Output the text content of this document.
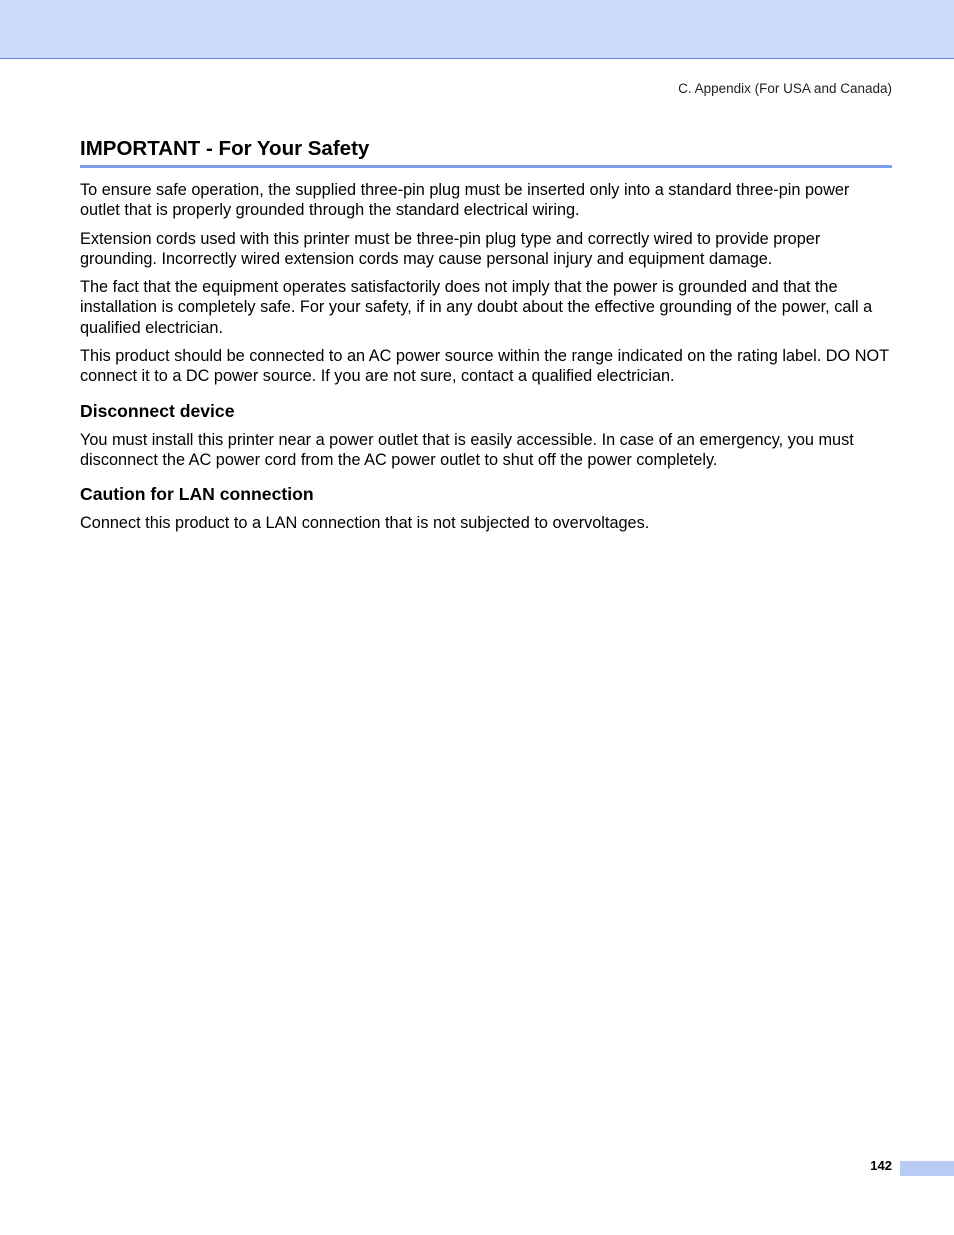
C. Appendix (For USA and Canada)
IMPORTANT - For Your Safety

To ensure safe operation, the supplied three-pin plug must be inserted only into a standard three-pin power outlet that is properly grounded through the standard electrical wiring.

Extension cords used with this printer must be three-pin plug type and correctly wired to provide proper grounding. Incorrectly wired extension cords may cause personal injury and equipment damage.

The fact that the equipment operates satisfactorily does not imply that the power is grounded and that the installation is completely safe. For your safety, if in any doubt about the effective grounding of the power, call a qualified electrician.

This product should be connected to an AC power source within the range indicated on the rating label. DO NOT connect it to a DC power source. If you are not sure, contact a qualified electrician.

Disconnect device

You must install this printer near a power outlet that is easily accessible. In case of an emergency, you must disconnect the AC power cord from the AC power outlet to shut off the power completely.

Caution for LAN connection

Connect this product to a LAN connection that is not subjected to overvoltages.

142
